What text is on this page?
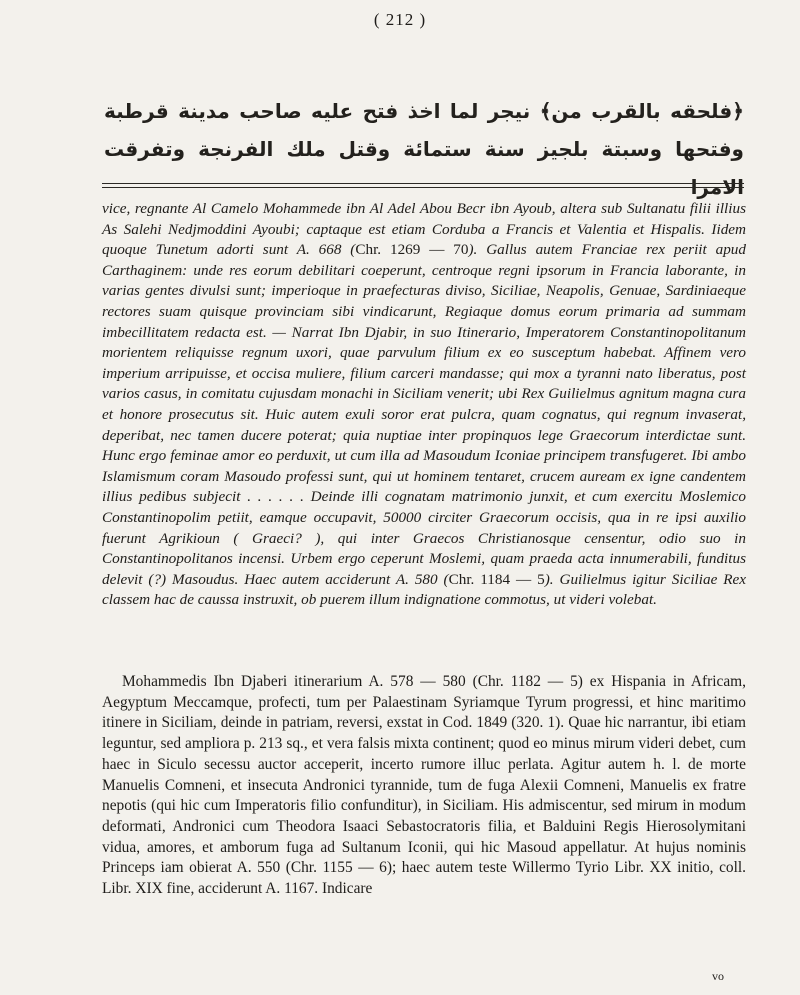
( 212 )
﴿فلحقه بالقرب من﴾ نيجر لما اخذ فتح عليه صاحب مدينة قرطبة وفتحها وسبتة بلجيز سنة ستمائة وقتل ملك الفرنجة وتفرقت الامرا
vice, regnante Al Camelo Mohammede ibn Al Adel Abou Becr ibn Ayoub, altera sub Sultanatu filii illius As Salehi Nedjmoddini Ayoubi; captaque est etiam Corduba a Francis et Valentia et Hispalis. Iidem quoque Tunetum adorti sunt A. 668 (Chr. 1269 — 70). Gallus autem Franciae rex periit apud Carthaginem: unde res eorum debilitari coeperunt, centroque regni ipsorum in Francia laborante, in varias gentes divulsi sunt; imperioque in praefecturas diviso, Siciliae, Neapolis, Genuae, Sardiniaeque rectores suam quisque provinciam sibi vindicarunt, Regiaque domus eorum primaria ad summam imbecillitatem redacta est. — Narrat Ibn Djabir, in suo Itinerario, Imperatorem Constantinopolitanum morientem reliquisse regnum uxori, quae parvulum filium ex eo susceptum habebat. Affinem vero imperium arripuisse, et occisa muliere, filium carceri mandasse; qui mox a tyranni nato liberatus, post varios casus, in comitatu cujusdam monachi in Siciliam venerit; ubi Rex Guilielmus agnitum magna cura et honore prosecutus sit. Huic autem exuli soror erat pulcra, quam cognatus, qui regnum invaserat, deperibat, nec tamen ducere poterat; quia nuptiae inter propinquos lege Graecorum interdictae sunt. Hunc ergo feminae amor eo perduxit, ut cum illa ad Masoudum Iconiae principem transfugeret. Ibi ambo Islamismum coram Masoudo professi sunt, qui ut hominem tentaret, crucem auream ex igne candentem illius pedibus subjecit . . . . . . Deinde illi cognatam matrimonio junxit, et cum exercitu Moslemico Constantinopolim petiit, eamque occupavit, 50000 circiter Graecorum occisis, qua in re ipsi auxilio fuerunt Agrikioun ( Graeci? ), qui inter Graecos Christianosque censentur, odio suo in Constantinopolitanos incensi. Urbem ergo ceperunt Moslemi, quam praeda acta innumerabili, funditus delevit (?) Masoudus. Haec autem acciderunt A. 580 (Chr. 1184 — 5). Guilielmus igitur Siciliae Rex classem hac de caussa instruxit, ob puerem illum indignatione commotus, ut videri volebat.
Mohammedis Ibn Djaberi itinerarium A. 578 — 580 (Chr. 1182 — 5) ex Hispania in Africam, Aegyptum Meccamque, profecti, tum per Palaestinam Syriamque Tyrum progressi, et hinc maritimo itinere in Siciliam, deinde in patriam, reversi, exstat in Cod. 1849 (320. 1). Quae hic narrantur, ibi etiam leguntur, sed ampliora p. 213 sq., et vera falsis mixta continent; quod eo minus mirum videri debet, cum haec in Siculo secessu auctor acceperit, incerto rumore illuc perlata. Agitur autem h. l. de morte Manuelis Comneni, et insecuta Andronici tyrannide, tum de fuga Alexii Comneni, Manuelis ex fratre nepotis (qui hic cum Imperatoris filio confunditur), in Siciliam. His admiscentur, sed mirum in modum deformati, Andronici cum Theodora Isaaci Sebastocratoris filia, et Balduini Regis Hierosolymitani vidua, amores, et amborum fuga ad Sultanum Iconii, qui hic Masoud appellatur. At hujus nominis Princeps iam obierat A. 550 (Chr. 1155 — 6); haec autem teste Willermo Tyrio Libr. XX initio, coll. Libr. XIX fine, acciderunt A. 1167. Indicare
vo
